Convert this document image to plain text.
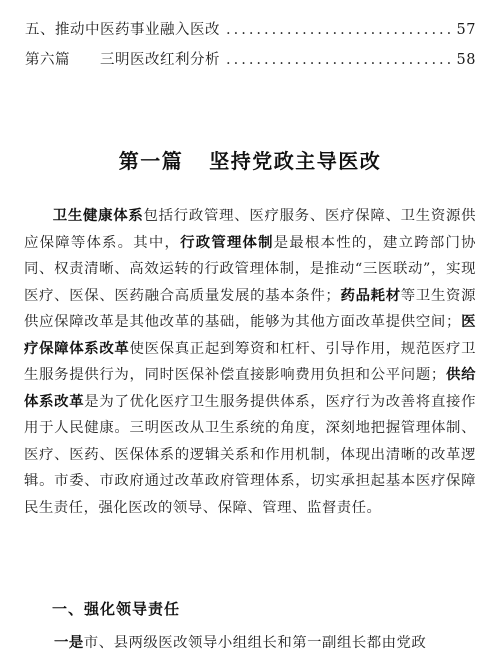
五、推动中医药事业融入医改 .....	57
第六篇 三明医改红利分析 .....	58
第一篇 坚持党政主导医改

卫生健康体系包括行政管理、医疗服务、医疗保障、卫生资源供应保障等体系。其中，行政管理体制是最根本性的，建立跨部门协同、权责清晰、高效运转的行政管理体制，是推动“三医联动”，实现医疗、医保、医药融合高质量发展的基本条件；药品耗材等卫生资源供应保障改革是其他改革的基础，能够为其他方面改革提供空间；医疗保障体系改革使医保真正起到筹资和杠杆、引导作用，规范医疗卫生服务提供行为，同时医保补偿直接影响费用负担和公平问题；供给体系改革是为了优化医疗卫生服务提供体系，医疗行为改善将直接作用于人民健康。三明医改从卫生系统的角度，深刻地把握管理体制、医疗、医药、医保体系的逻辑关系和作用机制，体现出清晰的改革逻辑。市委、市政府通过改革政府管理体系，切实承担起基本医疗保障民生责任，强化医改的领导、保障、管理、监督责任。

一、强化领导责任
一是市、县两级医改领导小组组长和第一副组长都由党政
